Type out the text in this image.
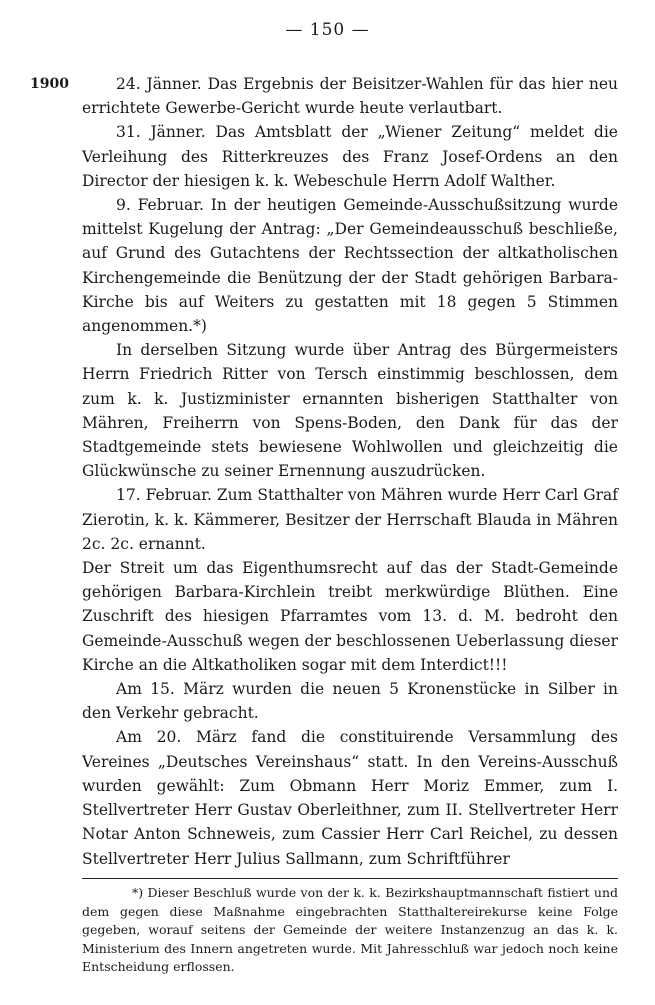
— 150 —
1900	24. Jänner. Das Ergebnis der Beisitzer-Wahlen für das hier neu errichtete Gewerbe-Gericht wurde heute verlautbart.

31. Jänner. Das Amtsblatt der „Wiener Zeitung“ meldet die Verleihung des Ritterkreuzes des Franz Josef-Ordens an den Director der hiesigen k. k. Webeschule Herrn Adolf Walther.

9. Februar. In der heutigen Gemeinde-Ausschußsitzung wurde mittelst Kugelung der Antrag: „Der Gemeindeausschuß beschließe, auf Grund des Gutachtens der Rechtssection der altkatholischen Kirchengemeinde die Benützung der der Stadt gehörigen Barbara-Kirche bis auf Weiters zu gestatten mit 18 gegen 5 Stimmen angenommen.*)

In derselben Sitzung wurde über Antrag des Bürgermeisters Herrn Friedrich Ritter von Tersch einstimmig beschlossen, dem zum k. k. Justizminister ernannten bisherigen Statthalter von Mähren, Freiherrn von Spens-Boden, den Dank für das der Stadtgemeinde stets bewiesene Wohlwollen und gleichzeitig die Glückwünsche zu seiner Ernennung auszudrücken.

17. Februar. Zum Statthalter von Mähren wurde Herr Carl Graf Zierotin, k. k. Kämmerer, Besitzer der Herrschaft Blauda in Mähren 2c. 2c. ernannt.

Der Streit um das Eigenthumsrecht auf das der Stadt-Gemeinde gehörigen Barbara-Kirchlein treibt merkwürdige Blüthen. Eine Zuschrift des hiesigen Pfarramtes vom 13. d. M. bedroht den Gemeinde-Ausschuß wegen der beschlossenen Ueberlassung dieser Kirche an die Altkatholiken sogar mit dem Interdict!!!

Am 15. März wurden die neuen 5 Kronenstücke in Silber in den Verkehr gebracht.

Am 20. März fand die constituirende Versammlung des Vereines „Deutsches Vereinshaus“ statt. In den Vereins-Ausschuß wurden gewählt: Zum Obmann Herr Moriz Emmer, zum I. Stellvertreter Herr Gustav Oberleithner, zum II. Stellvertreter Herr Notar Anton Schneweis, zum Cassier Herr Carl Reichel, zu dessen Stellvertreter Herr Julius Sallmann, zum Schriftführer

*) Dieser Beschluß wurde von der k. k. Bezirkshauptmannschaft fistiert und dem gegen diese Maßnahme eingebrachten Statthaltereirekurse keine Folge gegeben, worauf seitens der Gemeinde der weitere Instanzenzug an das k. k. Ministerium des Innern angetreten wurde. Mit Jahresschluß war jedoch noch keine Entscheidung erflossen.
